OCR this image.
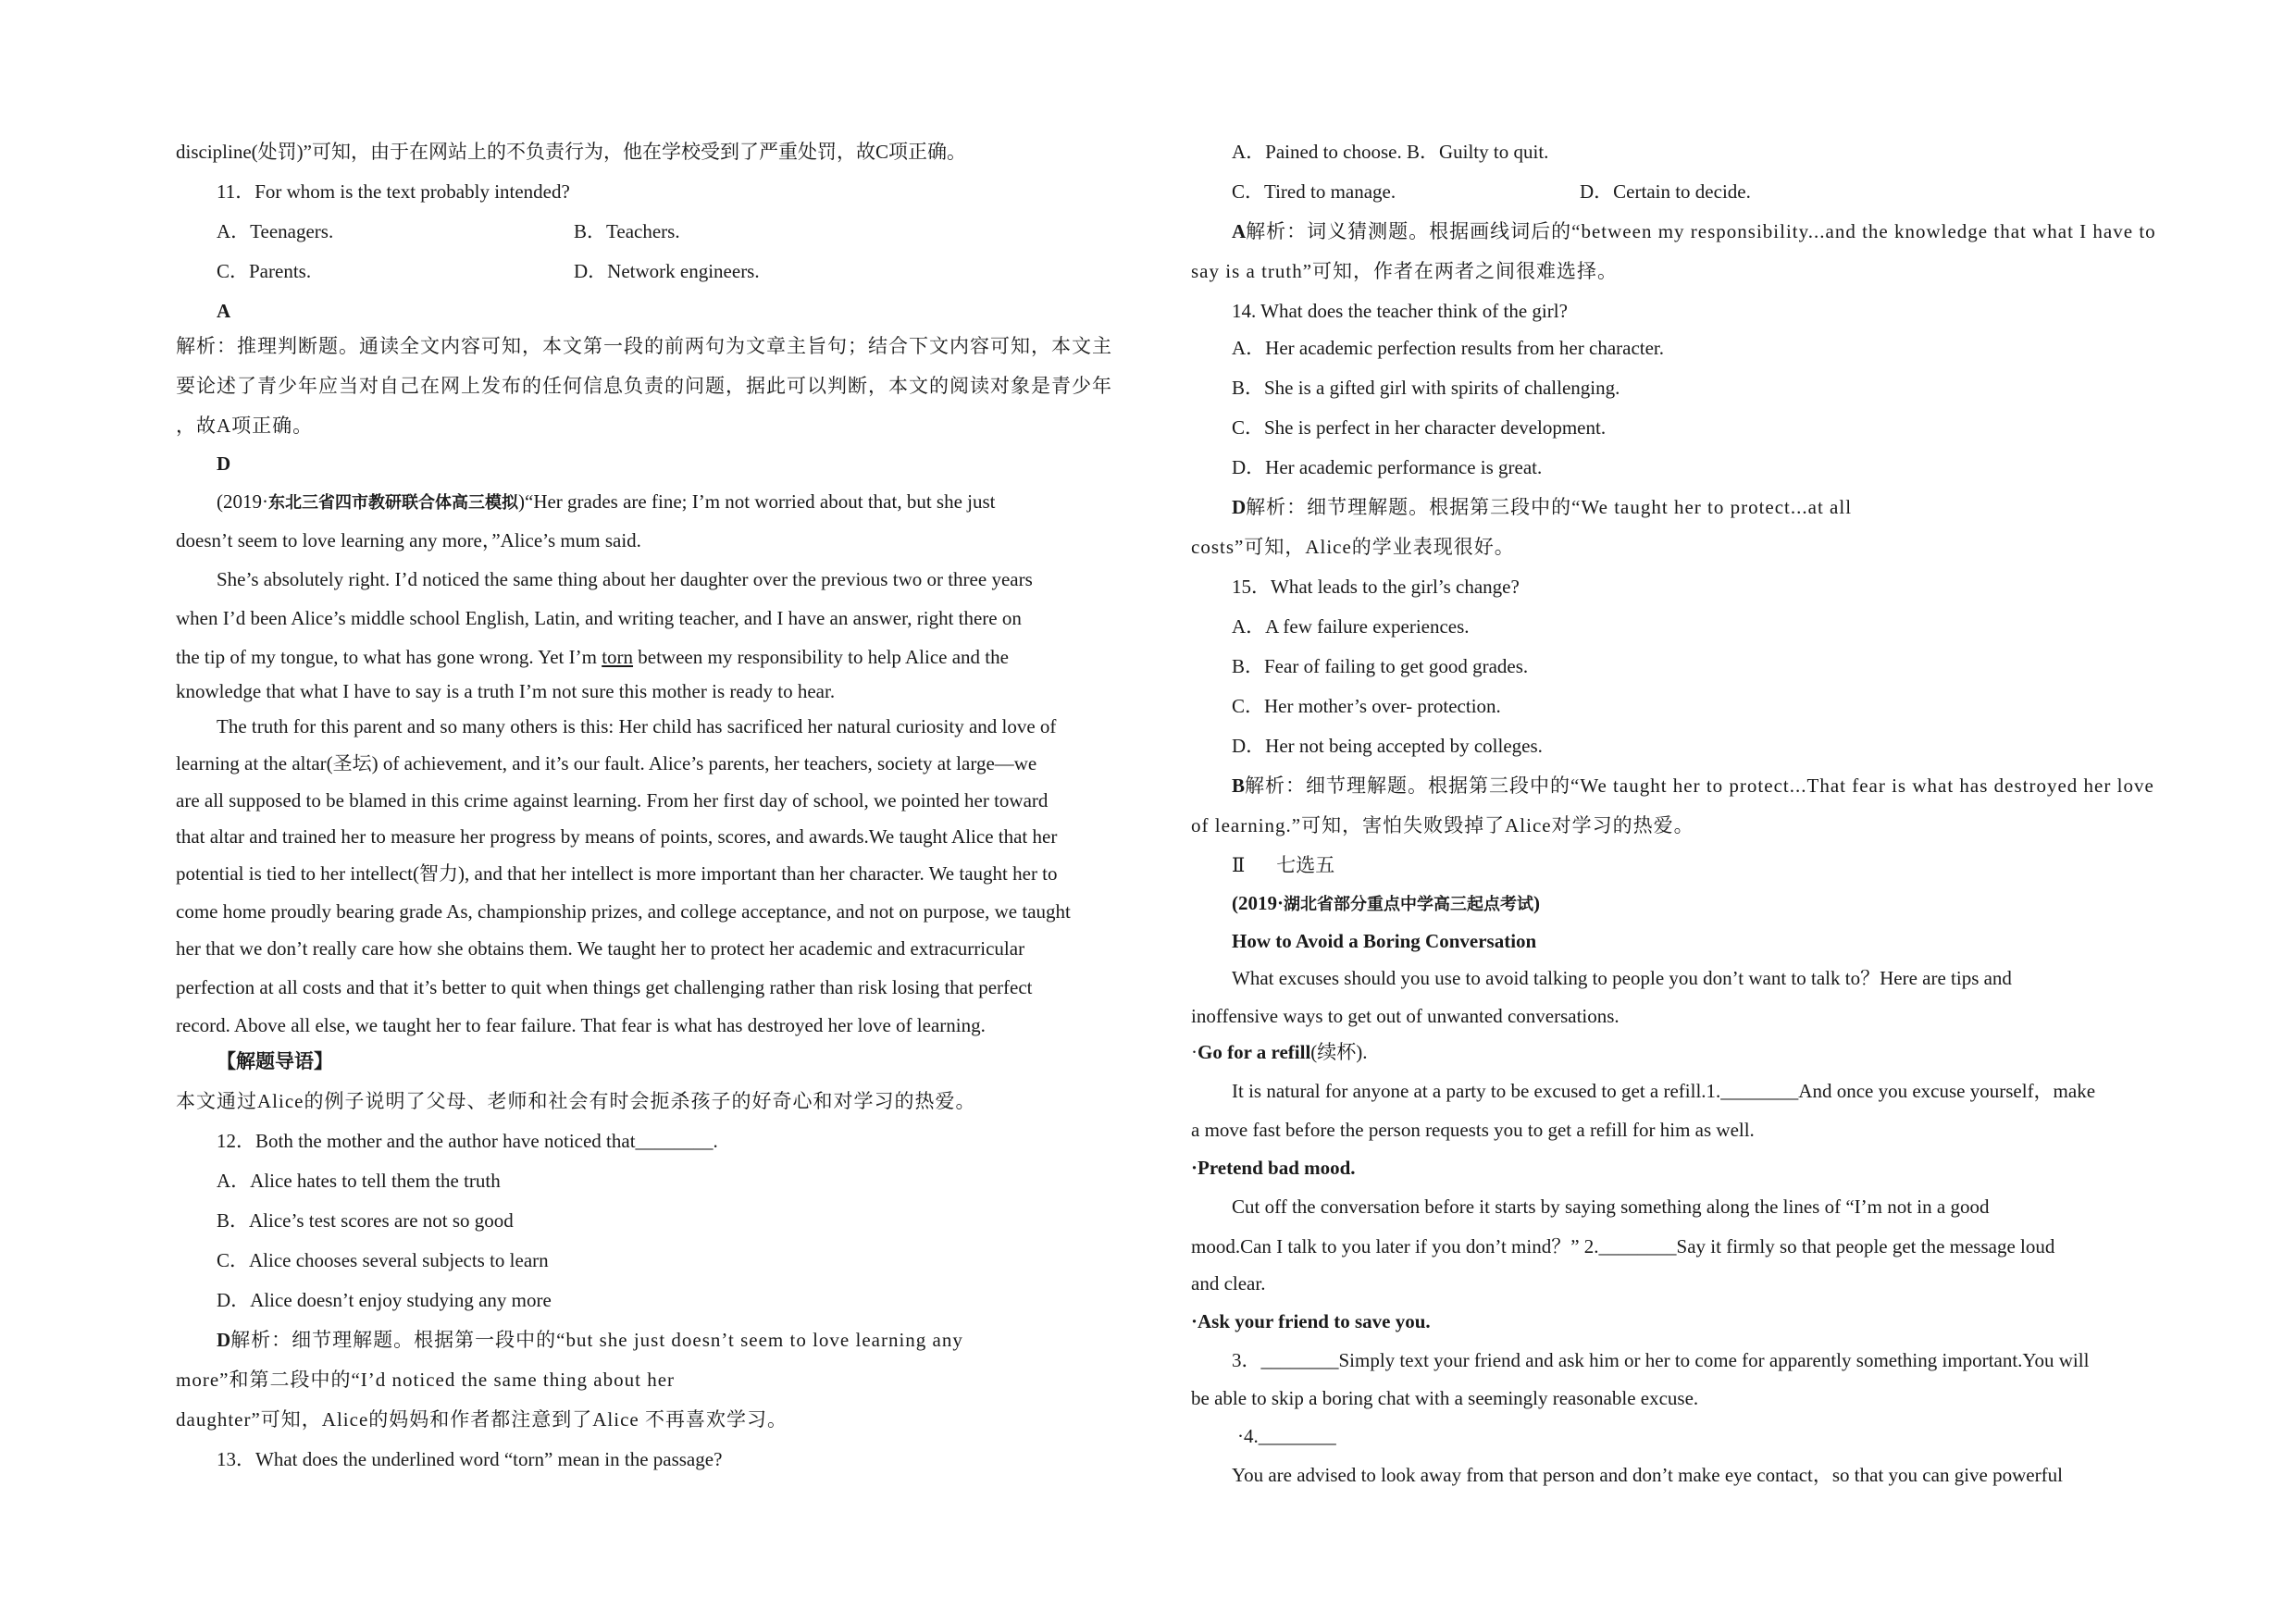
discipline(处罚)”可知，由于在网站上的不负责行为，他在学校受到了严重处罚，故C项正确。
11．For whom is the text probably intended?
A．Teenagers.	B．Teachers.
C．Parents.	D．Network engineers.
A
解析：推理判断题。通读全文内容可知，本文第一段的前两句为文章主旨句；结合下文内容可知，本文主
要论述了青少年应当对自己在网上发布的任何信息负责的问题，据此可以判断，本文的阅读对象是青少年
，故A项正确。
D
(2019·东北三省四市教研联合体高三模拟)“Her grades are fine; I’m not worried about that, but she just
doesn’t seem to love learning any more，”Alice’s mum said.
She’s absolutely right. I’d noticed the same thing about her daughter over the previous two or three years
when I’d been Alice’s middle school English, Latin, and writing teacher, and I have an answer, right there on
the tip of my tongue, to what has gone wrong. Yet I’m torn between my responsibility to help Alice and the
knowledge that what I have to say is a truth I’m not sure this mother is ready to hear.
The truth for this parent and so many others is this: Her child has sacrificed her natural curiosity and love of
learning at the altar(圣坛) of achievement, and it’s our fault. Alice’s parents, her teachers, society at large—we
are all supposed to be blamed in this crime against learning. From her first day of school, we pointed her toward
that altar and trained her to measure her progress by means of points, scores, and awards.We taught Alice that her
potential is tied to her intellect(智力), and that her intellect is more important than her character. We taught her to
come home proudly bearing grade As, championship prizes, and college acceptance, and not on purpose, we taught
her that we don’t really care how she obtains them. We taught her to protect her academic and extracurricular
perfection at all costs and that it’s better to quit when things get challenging rather than risk losing that perfect
record. Above all else, we taught her to fear failure. That fear is what has destroyed her love of learning.
【解题导语】
本文通过Alice的例子说明了父母、老师和社会有时会扼杀孩子的好奇心和对学习的热爱。
12．Both the mother and the author have noticed that________.
A．Alice hates to tell them the truth
B．Alice’s test scores are not so good
C．Alice chooses several subjects to learn
D．Alice doesn’t enjoy studying any more
D解析：细节理解题。根据第一段中的“but she just doesn’t seem to love learning any
more”和第二段中的“I’d noticed the same thing about her
daughter”可知，Alice的妈妈和作者都注意到了Alice 不再喜欢学习。
13．What does the underlined word “torn” mean in the passage?
A．Pained to choose. B．Guilty to quit.
C．Tired to manage.	D．Certain to decide.
A解析：词义猜测题。根据画线词后的“between my responsibility...and the knowledge that what I have to
say is a truth”可知，作者在两者之间很难选择。
14. What does the teacher think of the girl?
A．Her academic perfection results from her character.
B．She is a gifted girl with spirits of challenging.
C．She is perfect in her character development.
D．Her academic performance is great.
D解析：细节理解题。根据第三段中的“We taught her to protect...at all
costs”可知，Alice的学业表现很好。
15．What leads to the girl’s change?
A．A few failure experiences.
B．Fear of failing to get good grades.
C．Her mother’s over- protection.
D．Her not being accepted by colleges.
B解析：细节理解题。根据第三段中的“We taught her to protect...That fear is what has destroyed her love
of learning.”可知，害怕失败毁掉了Alice对学习的热爱。
Ⅱ 七选五
(2019·湖北省部分重点中学高三起点考试)
How to Avoid a Boring Conversation
What excuses should you use to avoid talking to people you don’t want to talk to？Here are tips and
inoffensive ways to get out of unwanted conversations.
·Go for a refill(续杯).
It is natural for anyone at a party to be excused to get a refill.1.________And once you excuse yourself，make
a move fast before the person requests you to get a refill for him as well.
·Pretend bad mood.
Cut off the conversation before it starts by saying something along the lines of “I’m not in a good
mood.Can I talk to you later if you don’t mind？” 2.________Say it firmly so that people get the message loud
and clear.
·Ask your friend to save you.
3．________Simply text your friend and ask him or her to come for apparently something important.You will
be able to skip a boring chat with a seemingly reasonable excuse.
·4.________
You are advised to look away from that person and don’t make eye contact，so that you can give powerful
